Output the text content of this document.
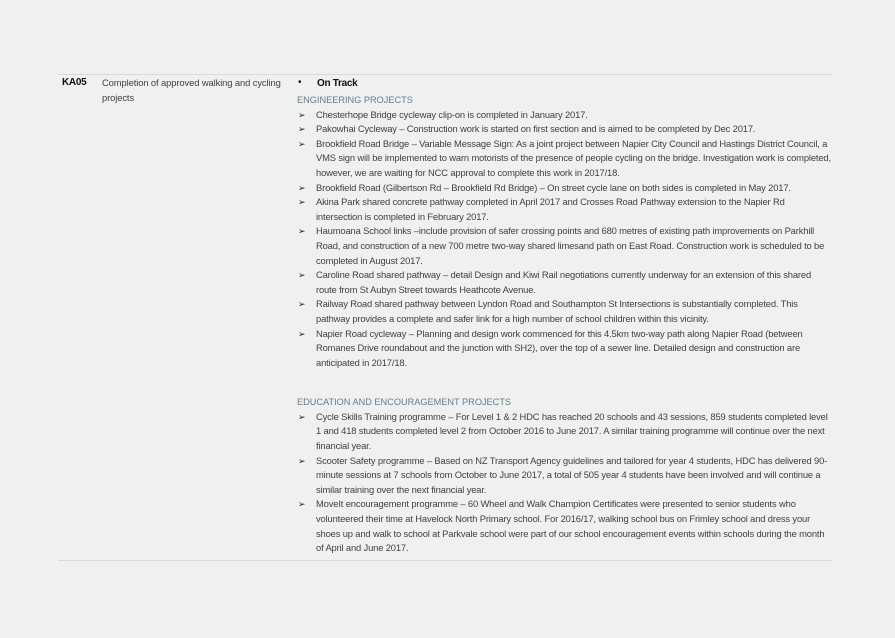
KA05 Completion of approved walking and cycling projects
• On Track
ENGINEERING PROJECTS
➢ Chesterhope Bridge cycleway clip-on is completed in January 2017.
➢ Pakowhai Cycleway – Construction work is started on first section and is aimed to be completed by Dec 2017.
➢ Brookfield Road Bridge – Variable Message Sign: As a joint project between Napier City Council and Hastings District Council, a VMS sign will be implemented to warn motorists of the presence of people cycling on the bridge. Investigation work is completed, however, we are waiting for NCC approval to complete this work in 2017/18.
➢ Brookfield Road (Gilbertson Rd – Brookfield Rd Bridge) – On street cycle lane on both sides is completed in May 2017.
➢ Akina Park shared concrete pathway completed in April 2017 and Crosses Road Pathway extension to the Napier Rd intersection is completed in February 2017.
➢ Haumoana School links –include provision of safer crossing points and 680 metres of existing path improvements on Parkhill Road, and construction of a new 700 metre two-way shared limesand path on East Road. Construction work is scheduled to be completed in August 2017.
➢ Caroline Road shared pathway – detail Design and Kiwi Rail negotiations currently underway for an extension of this shared route from St Aubyn Street towards Heathcote Avenue.
➢ Railway Road shared pathway between Lyndon Road and Southampton St Intersections is substantially completed. This pathway provides a complete and safer link for a high number of school children within this vicinity.
➢ Napier Road cycleway – Planning and design work commenced for this 4.5km two-way path along Napier Road (between Romanes Drive roundabout and the junction with SH2), over the top of a sewer line. Detailed design and construction are anticipated in 2017/18.
EDUCATION AND ENCOURAGEMENT PROJECTS
➢ Cycle Skills Training programme – For Level 1 & 2 HDC has reached 20 schools and 43 sessions, 859 students completed level 1 and 418 students completed level 2 from October 2016 to June 2017. A similar training programme will continue over the next financial year.
➢ Scooter Safety programme – Based on NZ Transport Agency guidelines and tailored for year 4 students, HDC has delivered 90-minute sessions at 7 schools from October to June 2017, a total of 505 year 4 students have been involved and will continue a similar training over the next financial year.
➢ MoveIt encouragement programme – 60 Wheel and Walk Champion Certificates were presented to senior students who volunteered their time at Havelock North Primary school. For 2016/17, walking school bus on Frimley school and dress your shoes up and walk to school at Parkvale school were part of our school encouragement events within schools during the month of April and June 2017.
